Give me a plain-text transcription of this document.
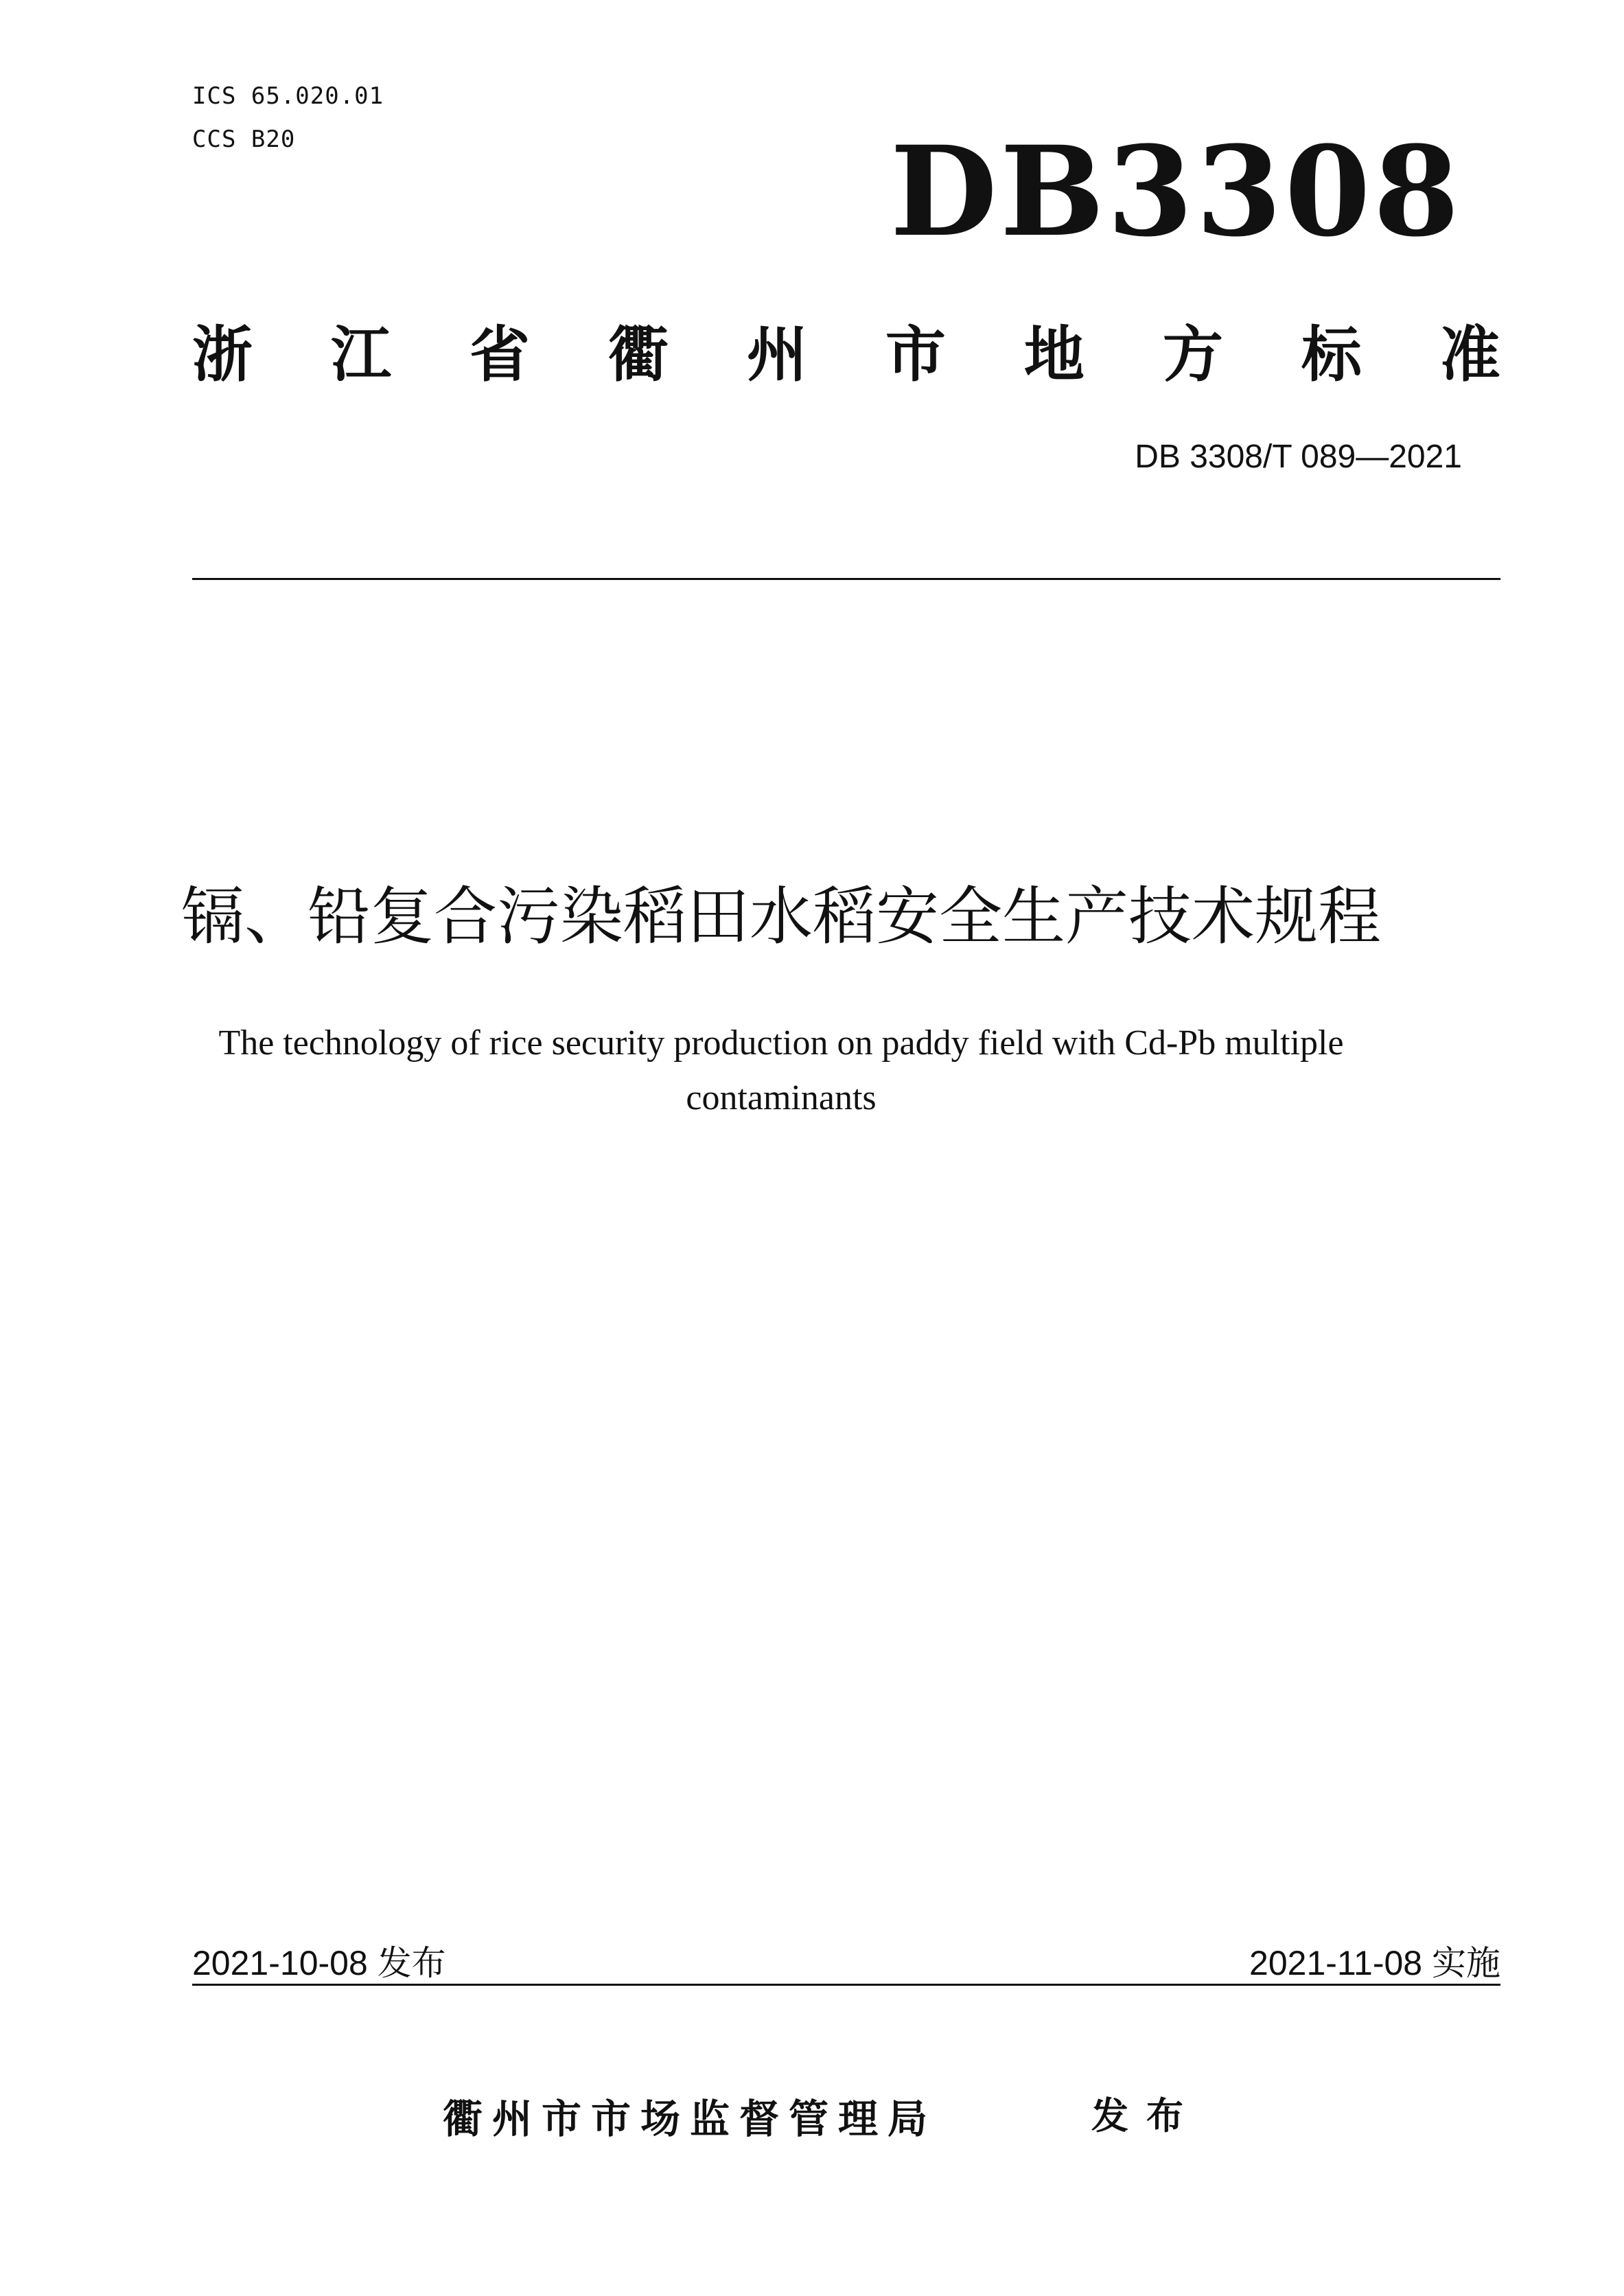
ICS 65.020.01
CCS B20	DB3308
浙 江 省 衢 州 市 地 方 标 准
DB 3308/T 089—2021
镉、铅复合污染稻田水稻安全生产技术规程
The technology of rice security production on paddy field with Cd-Pb multiple
contaminants
2021-10-08 发布	2021-11-08 实施
衢州市市场监督管理局	发布
